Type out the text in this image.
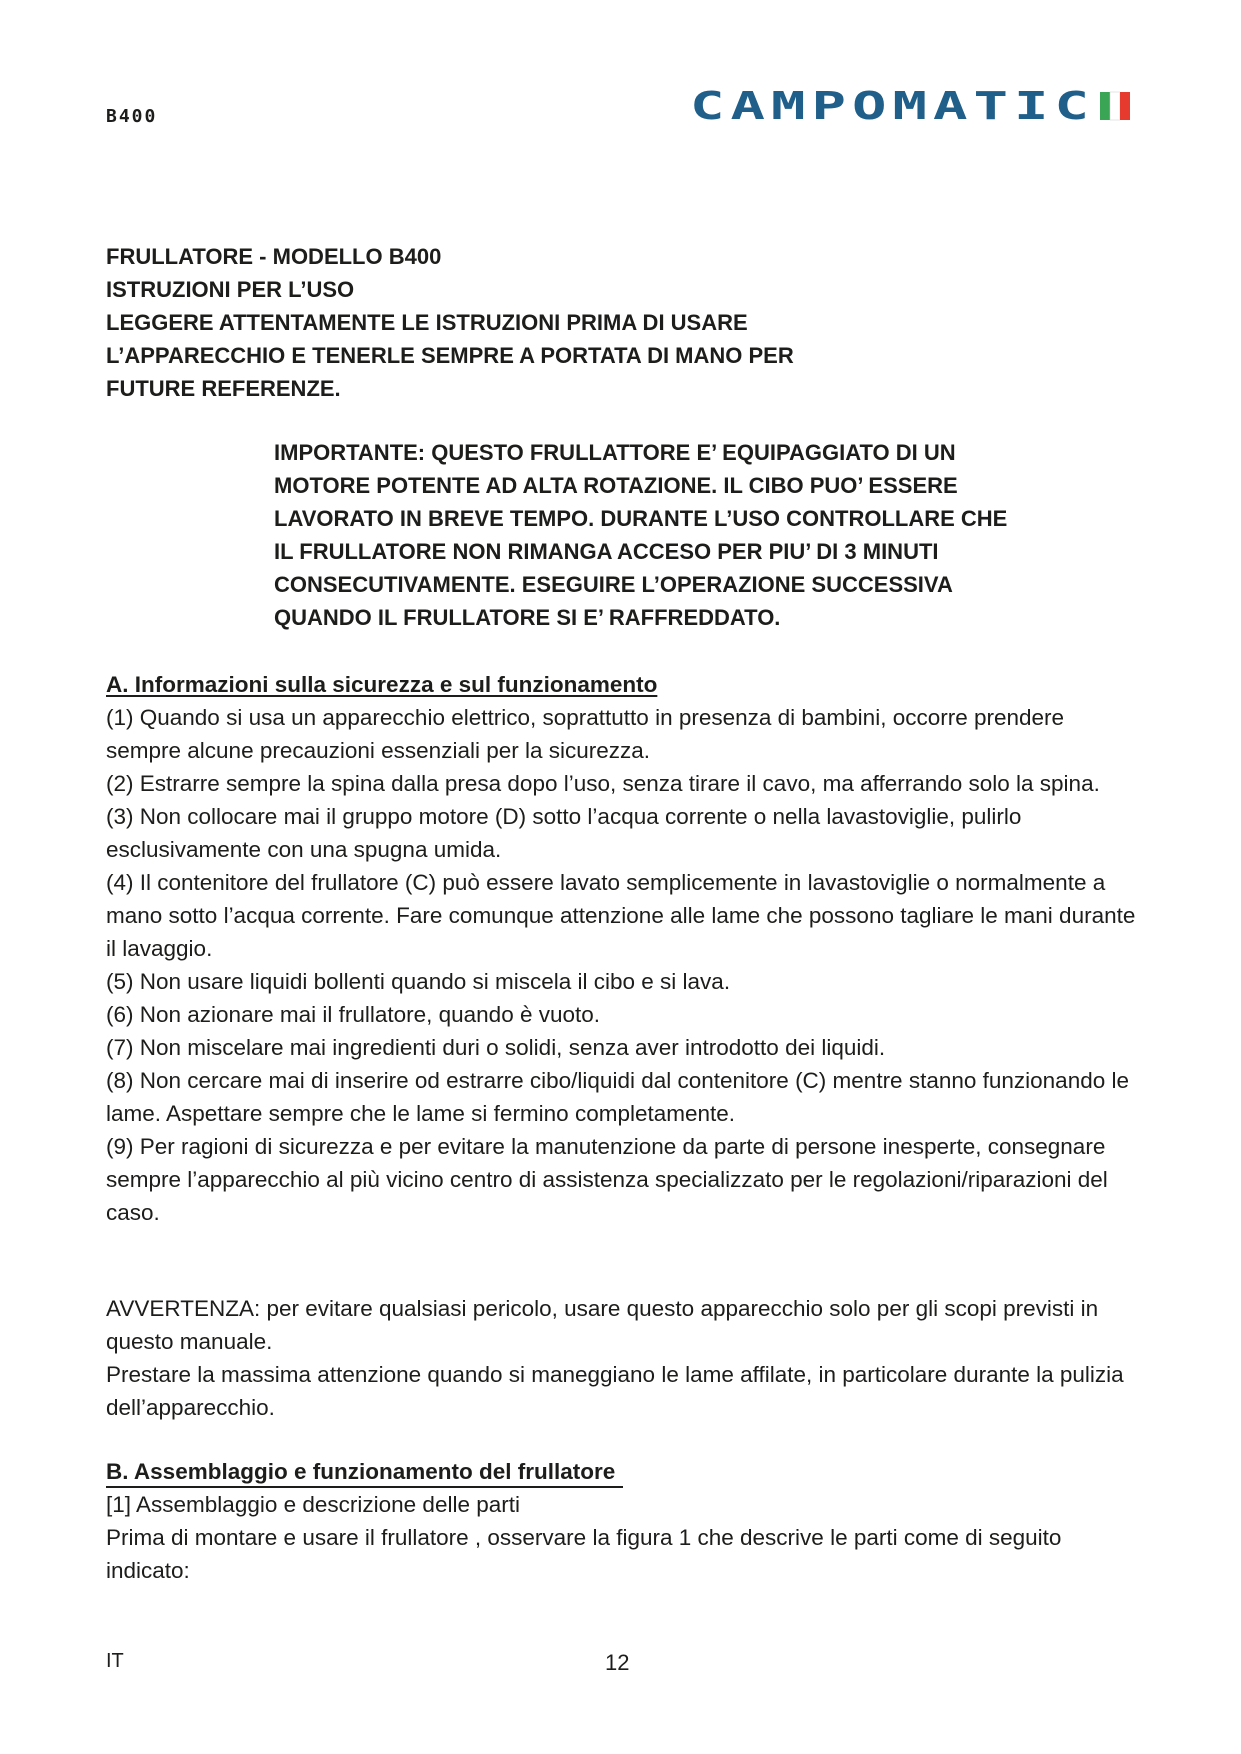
B400	CAMPOMATIC
FRULLATORE - MODELLO B400
ISTRUZIONI PER L’USO
LEGGERE ATTENTAMENTE LE ISTRUZIONI PRIMA DI USARE
L’APPARECCHIO E TENERLE SEMPRE A PORTATA DI MANO PER
FUTURE REFERENZE.
IMPORTANTE: QUESTO FRULLATTORE E’ EQUIPAGGIATO DI UN
MOTORE POTENTE AD ALTA ROTAZIONE. IL CIBO PUO’ ESSERE
LAVORATO IN BREVE TEMPO. DURANTE L’USO CONTROLLARE CHE
IL FRULLATORE NON RIMANGA ACCESO PER PIU’ DI 3 MINUTI
CONSECUTIVAMENTE. ESEGUIRE L’OPERAZIONE SUCCESSIVA
QUANDO IL FRULLATORE SI E’ RAFFREDDATO.
A. Informazioni sulla sicurezza e sul funzionamento
(1) Quando si usa un apparecchio elettrico, soprattutto in presenza di bambini, occorre prendere sempre alcune precauzioni essenziali per la sicurezza.
(2) Estrarre sempre la spina dalla presa dopo l’uso, senza tirare il cavo, ma afferrando solo la spina.
(3) Non collocare mai il gruppo motore (D) sotto l’acqua corrente o nella lavastoviglie, pulirlo esclusivamente con una spugna umida.
(4) Il contenitore del frullatore (C) può essere lavato semplicemente in lavastoviglie o normalmente a mano sotto l’acqua corrente. Fare comunque attenzione alle lame che possono tagliare le mani durante il lavaggio.
(5) Non usare liquidi bollenti quando si miscela il cibo e si lava.
(6) Non azionare mai il frullatore, quando è vuoto.
(7) Non miscelare mai ingredienti duri o solidi, senza aver introdotto dei liquidi.
(8) Non cercare mai di inserire od estrarre cibo/liquidi dal contenitore (C) mentre stanno funzionando le lame. Aspettare sempre che le lame si fermino completamente.
(9) Per ragioni di sicurezza e per evitare la manutenzione da parte di persone inesperte, consegnare sempre l’apparecchio al più vicino centro di assistenza specializzato per le regolazioni/riparazioni del caso.
AVVERTENZA: per evitare qualsiasi pericolo, usare questo apparecchio solo per gli scopi previsti in questo manuale.
Prestare la massima attenzione quando si maneggiano le lame affilate, in particolare durante la pulizia dell’apparecchio.
B. Assemblaggio e funzionamento del frullatore
[1] Assemblaggio e descrizione delle parti
Prima di montare e usare il frullatore , osservare la figura 1 che descrive le parti come di seguito indicato:
IT	12
